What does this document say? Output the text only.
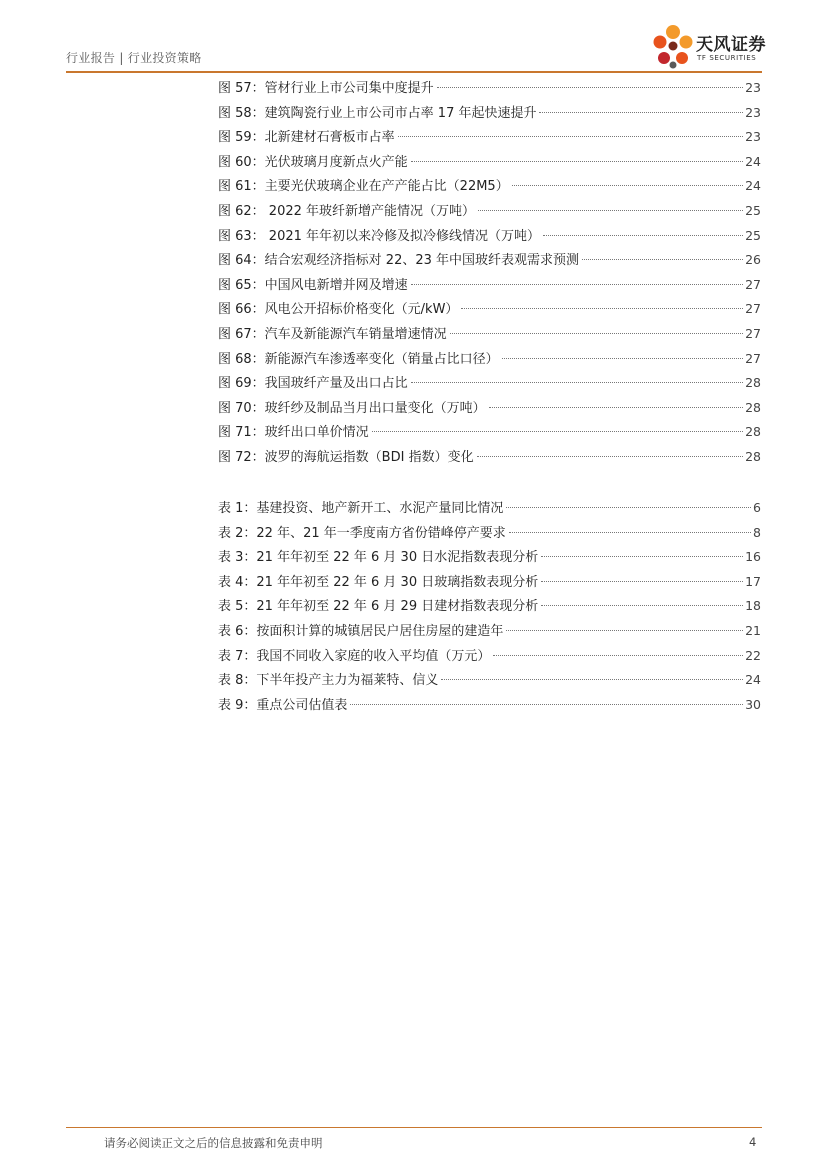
行业报告 | 行业投资策略
天风证券
TF SECURITIES
图 57：管材行业上市公司集中度提升	23
图 58：建筑陶瓷行业上市公司市占率 17 年起快速提升	23
图 59：北新建材石膏板市占率	23
图 60：光伏玻璃月度新点火产能	24
图 61：主要光伏玻璃企业在产产能占比（22M5）	24
图 62： 2022 年玻纤新增产能情况（万吨）	25
图 63： 2021 年年初以来冷修及拟冷修线情况（万吨）	25
图 64：结合宏观经济指标对 22、23 年中国玻纤表观需求预测	26
图 65：中国风电新增并网及增速	27
图 66：风电公开招标价格变化（元/kW）	27
图 67：汽车及新能源汽车销量增速情况	27
图 68：新能源汽车渗透率变化（销量占比口径）	27
图 69：我国玻纤产量及出口占比	28
图 70：玻纤纱及制品当月出口量变化（万吨）	28
图 71：玻纤出口单价情况	28
图 72：波罗的海航运指数（BDI 指数）变化	28
表 1：基建投资、地产新开工、水泥产量同比情况	6
表 2：22 年、21 年一季度南方省份错峰停产要求	8
表 3：21 年年初至 22 年 6 月 30 日水泥指数表现分析	16
表 4：21 年年初至 22 年 6 月 30 日玻璃指数表现分析	17
表 5：21 年年初至 22 年 6 月 29 日建材指数表现分析	18
表 6：按面积计算的城镇居民户居住房屋的建造年	21
表 7：我国不同收入家庭的收入平均值（万元）	22
表 8：下半年投产主力为福莱特、信义	24
表 9：重点公司估值表	30
请务必阅读正文之后的信息披露和免责申明	4
